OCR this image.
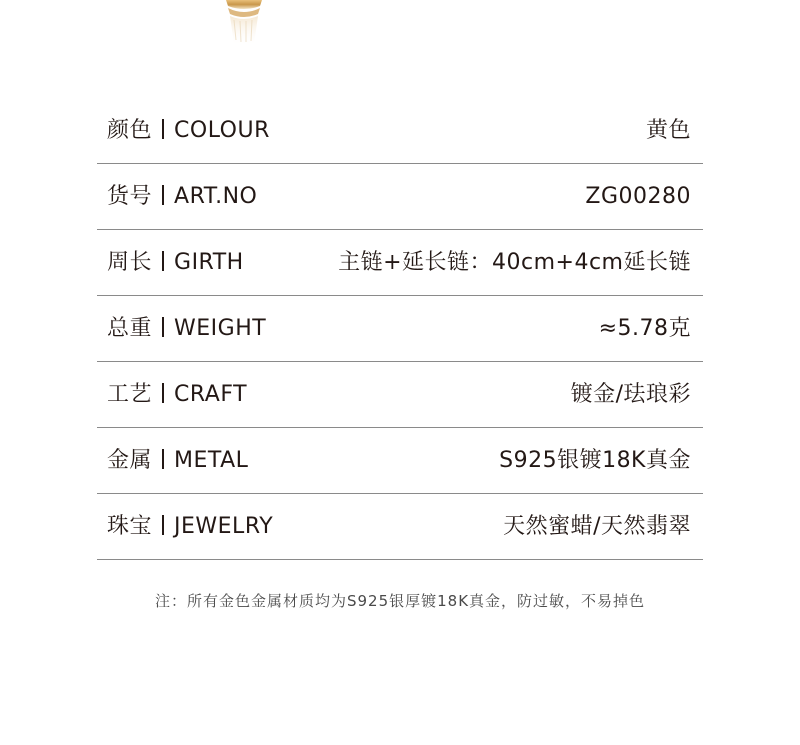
颜色 COLOUR	黄色
货号 ART.NO	ZG00280
周长 GIRTH	主链+延长链：40cm+4cm延长链
总重 WEIGHT	≈5.78克
工艺 CRAFT	镀金/珐琅彩
金属 METAL	S925银镀18K真金
珠宝 JEWELRY	天然蜜蜡/天然翡翠
注：所有金色金属材质均为S925银厚镀18K真金，防过敏，不易掉色
